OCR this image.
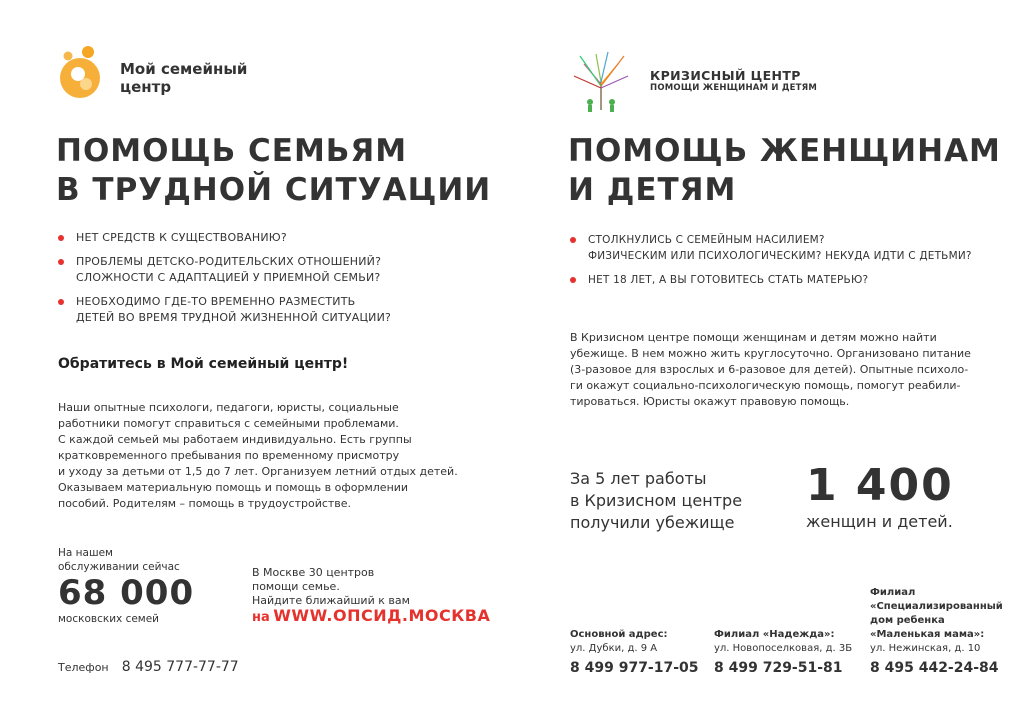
Мой семейный
центр
ПОМОЩЬ СЕМЬЯМ
В ТРУДНОЙ СИТУАЦИИ
НЕТ СРЕДСТВ К СУЩЕСТВОВАНИЮ?
ПРОБЛЕМЫ ДЕТСКО-РОДИТЕЛЬСКИХ ОТНОШЕНИЙ?
СЛОЖНОСТИ С АДАПТАЦИЕЙ У ПРИЕМНОЙ СЕМЬИ?
НЕОБХОДИМО ГДЕ-ТО ВРЕМЕННО РАЗМЕСТИТЬ
ДЕТЕЙ ВО ВРЕМЯ ТРУДНОЙ ЖИЗНЕННОЙ СИТУАЦИИ?
Обратитесь в Мой семейный центр!

Наши опытные психологи, педагоги, юристы, социальные
работники помогут справиться с семейными проблемами.
С каждой семьей мы работаем индивидуально. Есть группы
кратковременного пребывания по временному присмотру
и уходу за детьми от 1,5 до 7 лет. Организуем летний отдых детей.
Оказываем материальную помощь и помощь в оформлении
пособий. Родителям – помощь в трудоустройстве.

На нашем
обслуживании сейчас
68 000
московских семей
В Москве 30 центров
помощи семье.
Найдите ближайший к вам
на WWW.ОПСИД.МОСКВА
Телефон 8 495 777-77-77
КРИЗИСНЫЙ ЦЕНТР
ПОМОЩИ ЖЕНЩИНАМ И ДЕТЯМ
ПОМОЩЬ ЖЕНЩИНАМ
И ДЕТЯМ
СТОЛКНУЛИСЬ С СЕМЕЙНЫМ НАСИЛИЕМ?
ФИЗИЧЕСКИМ ИЛИ ПСИХОЛОГИЧЕСКИМ? НЕКУДА ИДТИ С ДЕТЬМИ?
НЕТ 18 ЛЕТ, А ВЫ ГОТОВИТЕСЬ СТАТЬ МАТЕРЬЮ?

В Кризисном центре помощи женщинам и детям можно найти
убежище. В нем можно жить круглосуточно. Организовано питание
(3-разовое для взрослых и 6-разовое для детей). Опытные психоло-
ги окажут социально-психологическую помощь, помогут реабили-
тироваться. Юристы окажут правовую помощь.

За 5 лет работы
в Кризисном центре
получили убежище
1 400
женщин и детей.
Основной адрес:
ул. Дубки, д. 9 А
8 499 977-17-05
Филиал «Надежда»:
ул. Новопоселковая, д. 3Б
8 499 729-51-81
Филиал
«Специализированный
дом ребенка
«Маленькая мама»:
ул. Нежинская, д. 10
8 495 442-24-84
